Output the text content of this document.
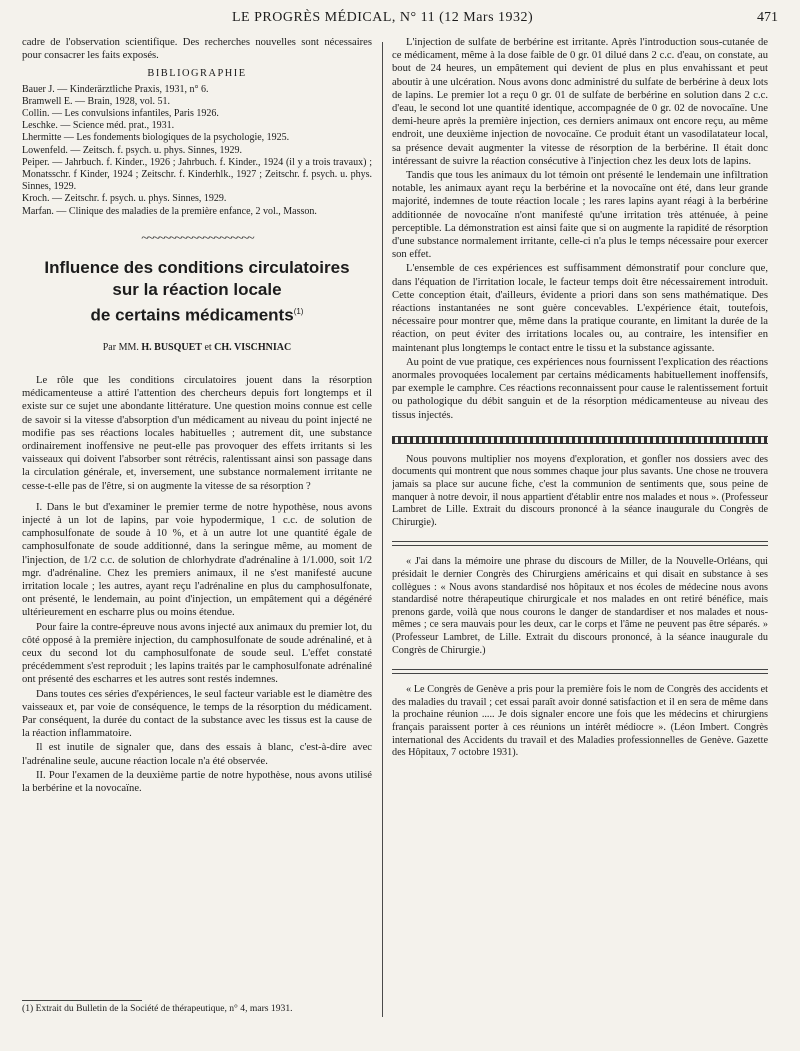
LE PROGRÈS MÉDICAL, N° 11 (12 Mars 1932)	471

cadre de l'observation scientifique. Des recherches nouvelles sont nécessaires pour consacrer les faits exposés.

BIBLIOGRAPHIE

Bauer J. — Kinderärztliche Praxis, 1931, n° 6.

Bramwell E. — Brain, 1928, vol. 51.

Collin. — Les convulsions infantiles, Paris 1926.

Leschke. — Science méd. prat., 1931.

Lhermitte — Les fondements biologiques de la psychologie, 1925.

Lowenfeld. — Zeitsch. f. psych. u. phys. Sinnes, 1929.

Peiper. — Jahrbuch. f. Kinder., 1926 ; Jahrbuch. f. Kinder., 1924 (il y a trois travaux) ; Monatsschr. f Kinder, 1924 ; Zeitschr. f. Kinderhlk., 1927 ; Zeitschr. f. psych. u. phys. Sinnes, 1929.

Kroch. — Zeitschr. f. psych. u. phys. Sinnes, 1929.

Marfan. — Clinique des maladies de la première enfance, 2 vol., Masson.

~~~~~~~~~~~~~~~~~~~~
Influence des conditions circulatoires
sur la réaction locale
de certains médicaments$^{(1)}$
Par MM. H. BUSQUET et CH. VISCHNIAC

Le rôle que les conditions circulatoires jouent dans la résorption médicamenteuse a attiré l'attention des chercheurs depuis fort longtemps et il existe sur ce sujet une abondante littérature. Une question moins connue est celle de savoir si la vitesse d'absorption d'un médicament au niveau du point injecté ne modifie pas ses réactions locales habituelles ; autrement dit, une substance ordinairement inoffensive ne peut-elle pas provoquer des effets irritants si les vaisseaux qui doivent l'absorber sont rétrécis, ralentissant ainsi son passage dans la circulation générale, et, inversement, une substance normalement irritante ne cesse-t-elle pas de l'être, si on augmente la vitesse de sa résorption ?

I. Dans le but d'examiner le premier terme de notre hypothèse, nous avons injecté à un lot de lapins, par voie hypodermique, 1 c.c. de solution de camphosulfonate de soude à 10 %, et à un autre lot une quantité égale de camphosulfonate de soude additionné, dans la seringue même, au moment de l'injection, de 1/2 c.c. de solution de chlorhydrate d'adrénaline à 1/1.000, soit 1/2 mgr. d'adrénaline. Chez les premiers animaux, il ne s'est manifesté aucune irritation locale ; les autres, ayant reçu l'adrénaline en plus du camphosulfonate, ont présenté, le lendemain, au point d'injection, un empâtement qui a dégénéré ultérieurement en escharre plus ou moins étendue.

Pour faire la contre-épreuve nous avons injecté aux animaux du premier lot, du côté opposé à la première injection, du camphosulfonate de soude adrénaliné, et à ceux du second lot du camphosulfonate de soude seul. L'effet constaté précédemment s'est reproduit ; les lapins traités par le camphosulfonate adrénaliné ont présenté des escharres et les autres sont restés indemnes.

Dans toutes ces séries d'expériences, le seul facteur variable est le diamètre des vaisseaux et, par voie de conséquence, le temps de la résorption du médicament. Par conséquent, la durée du contact de la substance avec les tissus est la cause de la réaction inflammatoire.

Il est inutile de signaler que, dans des essais à blanc, c'est-à-dire avec l'adrénaline seule, aucune réaction locale n'a été observée.

II. Pour l'examen de la deuxième partie de notre hypothèse, nous avons utilisé la berbérine et la novocaïne.

(1) Extrait du Bulletin de la Société de thérapeutique, n° 4, mars 1931.

L'injection de sulfate de berbérine est irritante. Après l'introduction sous-cutanée de ce médicament, même à la dose faible de 0 gr. 01 dilué dans 2 c.c. d'eau, on constate, au bout de 24 heures, un empâtement qui devient de plus en plus envahissant et peut aboutir à une ulcération. Nous avons donc administré du sulfate de berbérine à deux lots de lapins. Le premier lot a reçu 0 gr. 01 de sulfate de berbérine en solution dans 2 c.c. d'eau, le second lot une quantité identique, accompagnée de 0 gr. 02 de novocaïne. Une demi-heure après la première injection, ces derniers animaux ont encore reçu, au même endroit, une deuxième injection de novocaïne. Ce produit étant un vasodilatateur local, sa présence devait augmenter la vitesse de résorption de la berbérine. Il était donc intéressant de suivre la réaction consécutive à l'injection chez les deux lots de lapins.

Tandis que tous les animaux du lot témoin ont présenté le lendemain une infiltration notable, les animaux ayant reçu la berbérine et la novocaïne ont été, dans leur grande majorité, indemnes de toute réaction locale ; les rares lapins ayant réagi à la berbérine additionnée de novocaïne n'ont manifesté qu'une irritation très atténuée, à peine perceptible. La démonstration est ainsi faite que si on augmente la rapidité de résorption d'une substance normalement irritante, celle-ci n'a plus le temps nécessaire pour exercer son effet.

L'ensemble de ces expériences est suffisamment démonstratif pour conclure que, dans l'équation de l'irritation locale, le facteur temps doit être nécessairement introduit. Cette conception était, d'ailleurs, évidente a priori dans son sens mathématique. Des réactions instantanées ne sont guère concevables. L'expérience était, toutefois, nécessaire pour montrer que, même dans la pratique courante, en limitant la durée de la réaction, on peut éviter des irritations locales ou, au contraire, les intensifier en maintenant plus longtemps le contact entre le tissu et la substance agissante.

Au point de vue pratique, ces expériences nous fournissent l'explication des réactions anormales provoquées localement par certains médicaments habituellement inoffensifs, par exemple le camphre. Ces réactions reconnaissent pour cause le ralentissement fortuit ou pathologique du débit sanguin et de la résorption médicamenteuse au niveau des tissus injectés.

Nous pouvons multiplier nos moyens d'exploration, et gonfler nos dossiers avec des documents qui montrent que nous sommes chaque jour plus savants. Une chose ne trouvera jamais sa place sur aucune fiche, c'est la communion de sentiments que, sous peine de manquer à notre devoir, il nous appartient d'établir entre nos malades et nous ». (Professeur Lambret de Lille. Extrait du discours prononcé à la séance inaugurale du Congrès de Chirurgie).

« J'ai dans la mémoire une phrase du discours de Miller, de la Nouvelle-Orléans, qui présidait le dernier Congrès des Chirurgiens américains et qui disait en substance à ses collègues : « Nous avons standardisé nos hôpitaux et nos écoles de médecine nous avons standardisé notre thérapeutique chirurgicale et nos malades en ont retiré bénéfice, mais prenons garde, voilà que nous courons le danger de standardiser et nos malades et nous-mêmes ; ce sera mauvais pour les deux, car le corps et l'âme ne peuvent pas être séparés. » (Professeur Lambret, de Lille. Extrait du discours prononcé, à la séance inaugurale du Congrès de Chirurgie.)

« Le Congrès de Genève a pris pour la première fois le nom de Congrès des accidents et des maladies du travail ; cet essai paraît avoir donné satisfaction et il en sera de même dans la prochaine réunion ..... Je dois signaler encore une fois que les médecins et chirurgiens français paraissent porter à ces réunions un intérêt médiocre ». (Léon Imbert. Congrès international des Accidents du travail et des Maladies professionnelles de Genève. Gazette des Hôpitaux, 7 octobre 1931).
